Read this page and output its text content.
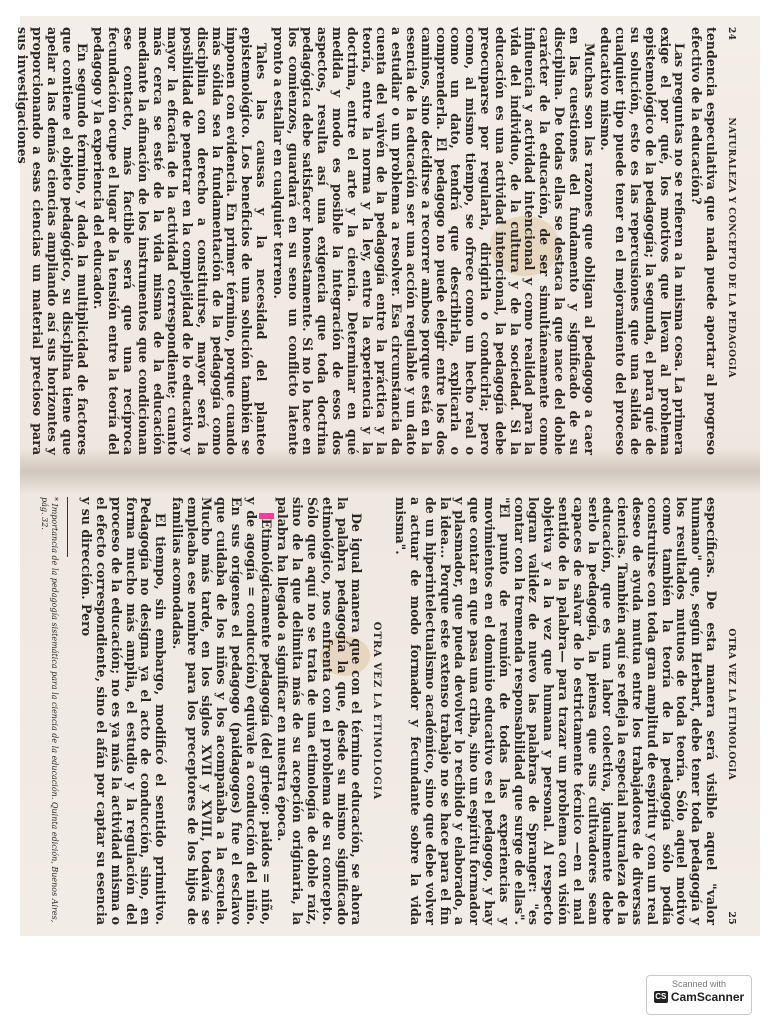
24
NATURALEZA Y CONCEPTO DE LA PEDAGOGIA

tendencia especulativa que nada puede aportar al progreso efectivo de la educación?

Las preguntas no se refieren a la misma cosa. La primera exige el por qué, los motivos que llevan al problema epistemológico de la pedagogía; la segunda, el para qué de su solución, esto es las repercusiones que una salida de cualquier tipo puede tener en el mejoramiento del proceso educativo mismo.

Muchas son las razones que obligan al pedagogo a caer en las cuestiones del fundamento y significado de su disciplina. De todas ellas se destaca la que nace del doble carácter de la educación, de ser simultáneamente como influencia y actividad intencional y como realidad para la vida del individuo, de la cultura y de la sociedad. Si la educación es una actividad intencional, la pedagogía debe preocuparse por regularla, dirigirla o conducirla; pero como, al mismo tiempo, se ofrece como un hecho real o como un dato, tendrá que describirla, explicarla o comprenderla. El pedagogo no puede elegir entre los dos caminos, sino decidirse a recorrer ambos porque está en la esencia de la educación ser una acción regulable y un dato a estudiar o un problema a resolver. Esa circunstancia da cuenta del vaivén de la pedagogía entre la práctica y la teoría, entre la norma y la ley, entre la experiencia y la doctrina, entre el arte y la ciencia. Determinar en qué medida y modo es posible la integración de esos dos aspectos, resulta así una exigencia que toda doctrina pedagógica debe satisfacer honestamente. Si no lo hace en los comienzos, guardará en su seno un conflicto latente pronto a estallar en cualquier terreno.

Tales las causas y la necesidad del planteo epistemológico. Los beneficios de una solución también se imponen con evidencia. En primer término, porque cuando más sólida sea la fundamentación de la pedagogía como disciplina con derecho a constituirse, mayor será la posibilidad de penetrar en la complejidad de lo educativo y mayor la eficacia de la actividad correspondiente; cuanto más cerca se esté de la vida misma de la educación mediante la afinación de los instrumentos que condicionan ese contacto, más factible será que una recíproca fecundación ocupe el lugar de la tensión entre la teoría del pedagogo y la experiencia del educador.

En segundo término, y dada la multiplicidad de factores que contiene el objeto pedagógico, su disciplina tiene que apelar a las demás ciencias ampliando así sus horizontes y proporcionando a esas ciencias un material precioso para sus investigaciones

OTRA VEZ LA ETIMOLOGIA
25

específicas. De esta manera será visible aquel "valor humano" que, según Herbart, debe tener toda pedagogía y los resultados mutuos de toda teoría. Sólo aquel motivo como también la teoría de la pedagogía sólo podía construirse con toda gran amplitud de espíritu y con un real deseo de ayuda mutua entre los trabajadores de diversas ciencias. También aquí se refleja la especial naturaleza de la educación, que es una labor colectiva, igualmente debe serlo la pedagogía, la piensa que sus cultivadores sean capaces de salvar de lo estrictamente técnico —en el mal sentido de la palabra— para trazar un problema con visión objetiva y a la vez que humana y personal. Al respecto logran validez de nuevo las palabras de Spranger: "es contar con la tremenda responsabilidad que surge de ellas". "El punto de reunión de todas las experiencias y movimientos en el dominio educativo es el pedagogo, y hay que contar en que pasa una criba, sino un espíritu formador y plasmador, que pueda devolver lo recibido y elaborado, a la idea... Porque este extenso trabajo no se hace para el fin de un hiperintelectualismo académico, sino que debe volver a actuar de modo formador y fecundante sobre la vida misma".

OTRA VEZ LA ETIMOLOGIA

De igual manera que con el término educación, se ahora la palabra pedagogía la que, desde su mismo significado etimológico, nos enfrenta con el problema de su concepto. Sólo que aquí no se trata de una etimología de doble raíz, sino de la que delimita más de su acepción originaria, la palabra ha llegado a significar en nuestra época.

Etimológicamente pedagogía (del griego: paidos = niño, y de agogía = conducción) equivale a conducción del niño. En sus orígenes el pedagogo (paidagogos) fue el esclavo que cuidaba de los niños y los acompañaba a la escuela. Mucho más tarde, en los siglos XVII y XVIII, todavía se empleaba ese nombre para los preceptores de los hijos de familias acomodadas.

El tiempo, sin embargo, modificó el sentido primitivo. Pedagogía no designa ya el acto de conducción, sino, en forma mucho más amplia, el estudio y la regulación del proceso de la educación; no es ya más la actividad misma o el efecto correspondiente, sino el afán por captar su esencia y su dirección. Pero

* Importancia de la pedagogía sistemática para la ciencia de la educación. Quinta edición, Buenos Aires, pág. 32.

Scanned with
CS CamScanner
